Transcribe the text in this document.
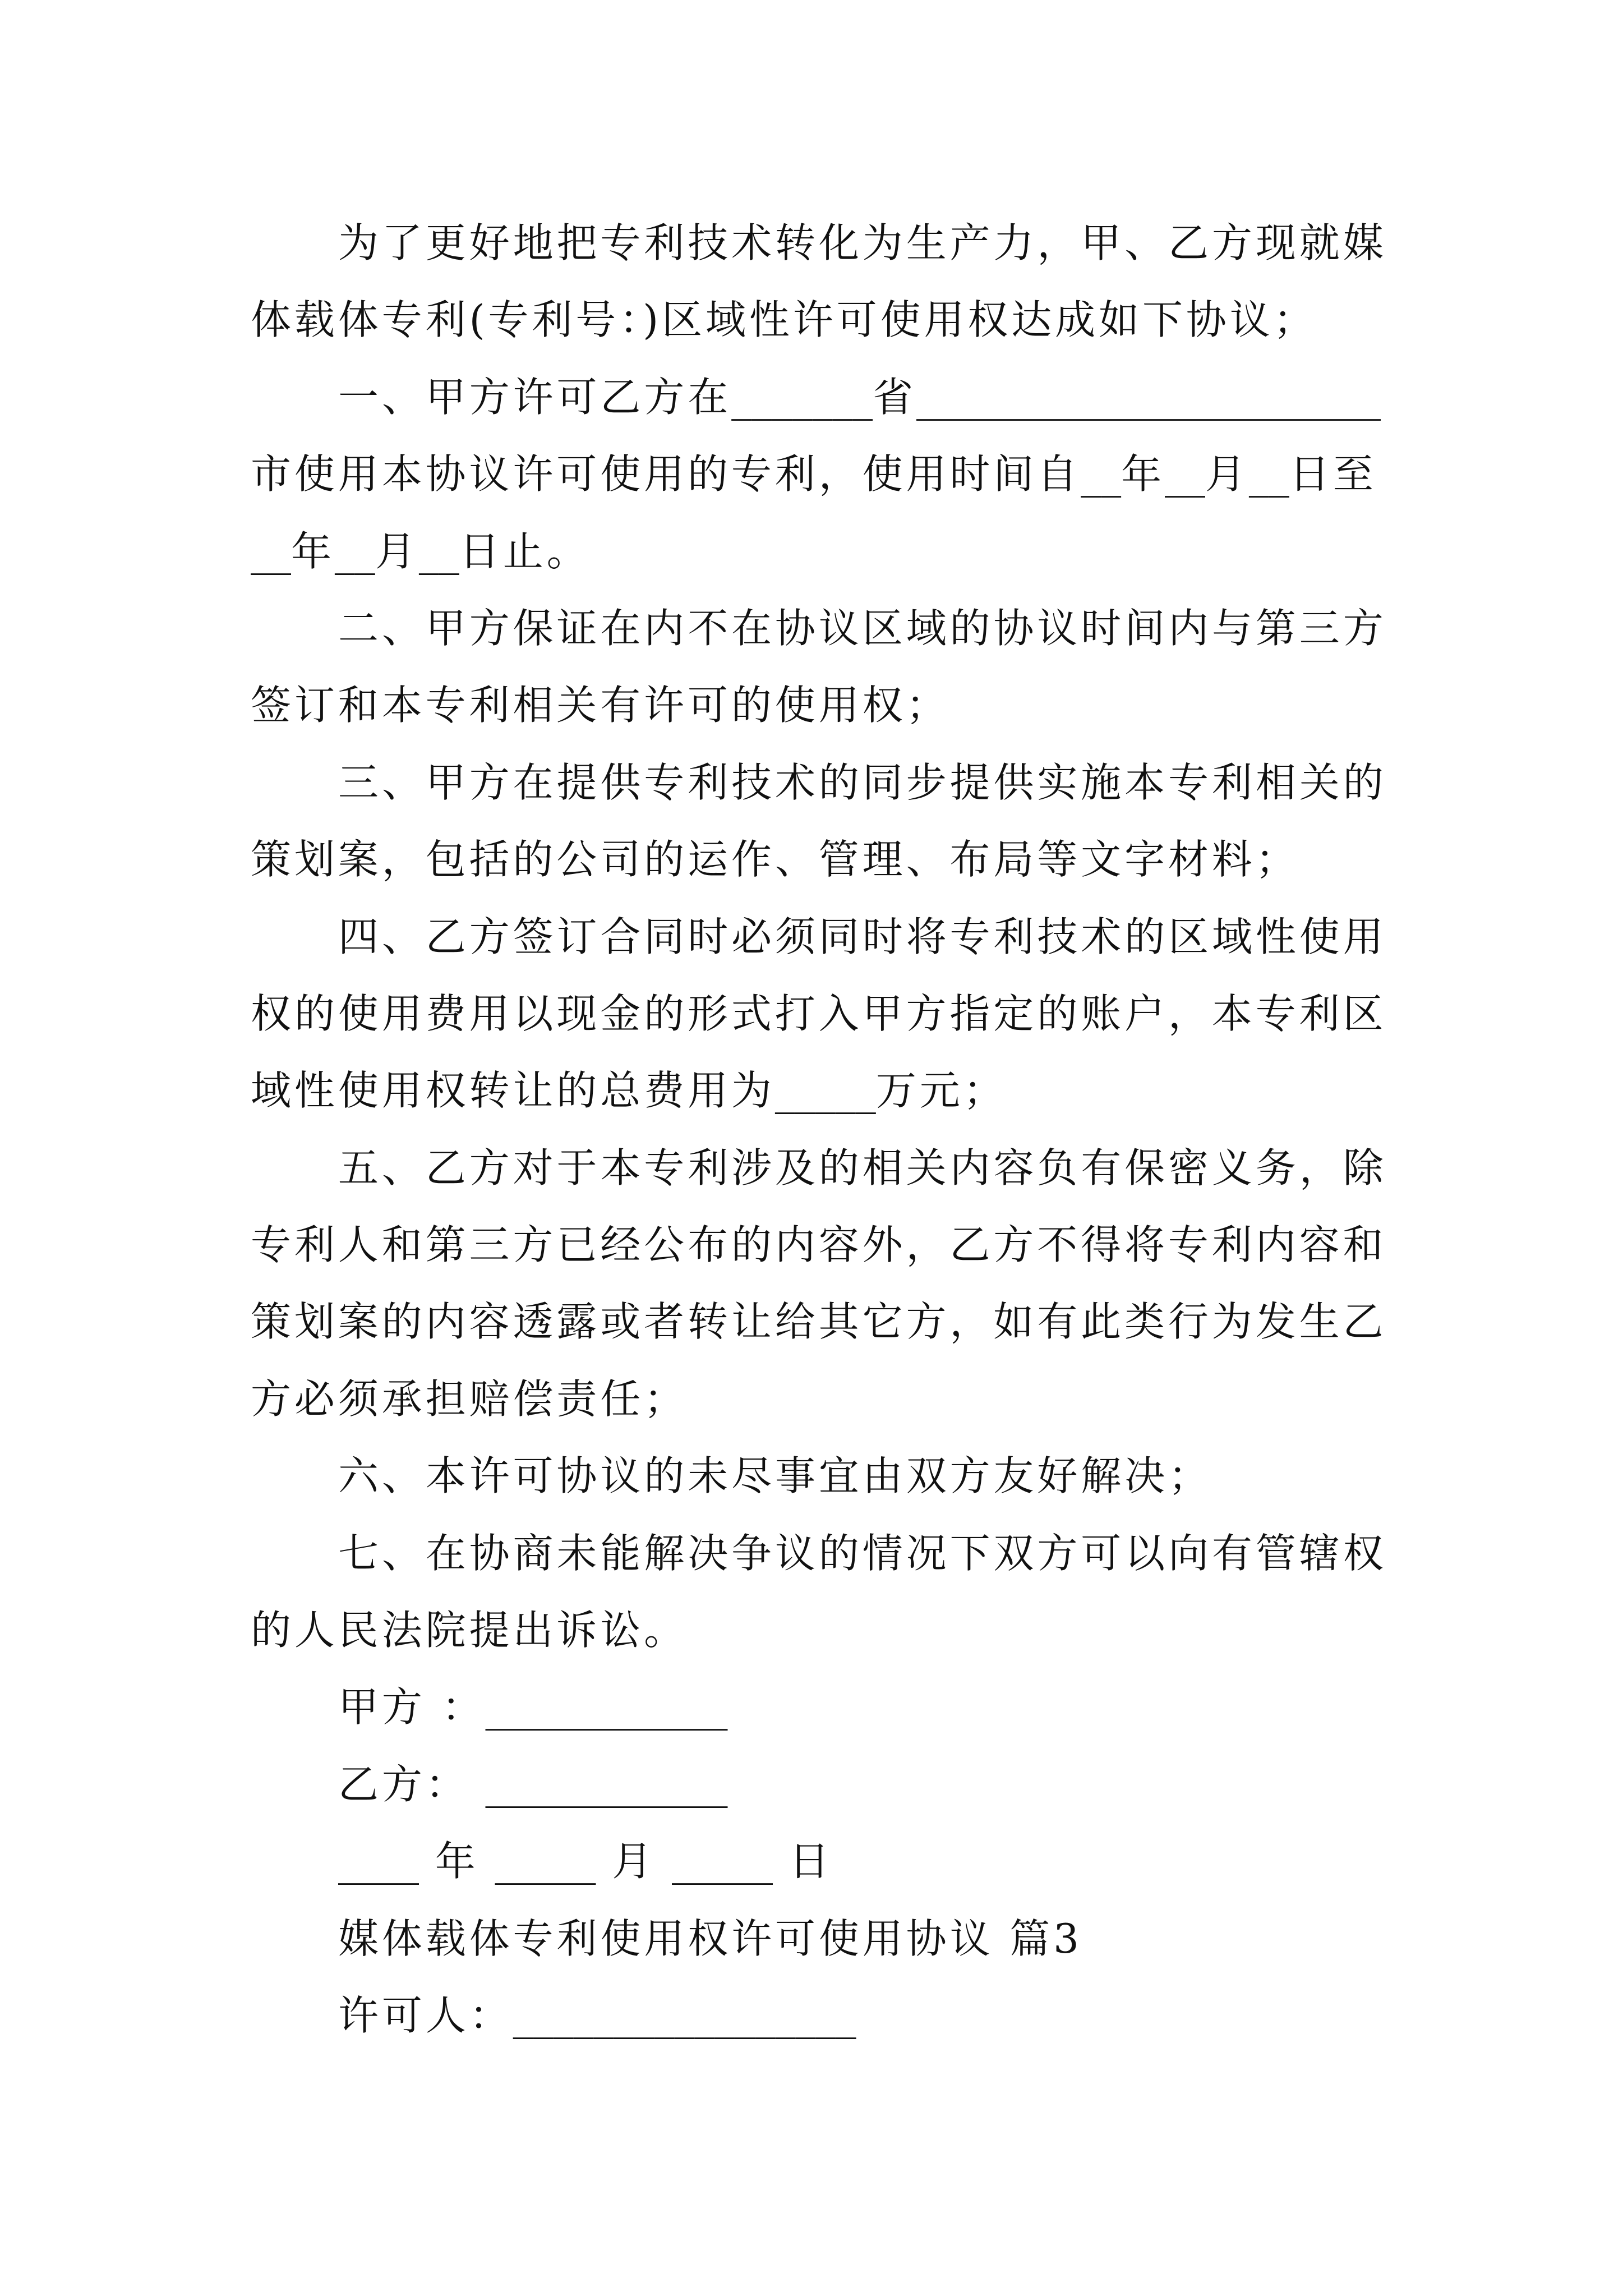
为了更好地把专利技术转化为生产力，甲、乙方现就媒
体载体专利(专利号：)区域性许可使用权达成如下协议；
一、甲方许可乙方在_______省_______________________
市使用本协议许可使用的专利，使用时间自__年__月__日至
__年__月__日止。
二、甲方保证在内不在协议区域的协议时间内与第三方
签订和本专利相关有许可的使用权；
三、甲方在提供专利技术的同步提供实施本专利相关的
策划案，包括的公司的运作、管理、布局等文字材料；
四、乙方签订合同时必须同时将专利技术的区域性使用
权的使用费用以现金的形式打入甲方指定的账户，本专利区
域性使用权转让的总费用为_____万元；
五、乙方对于本专利涉及的相关内容负有保密义务，除
专利人和第三方已经公布的内容外，乙方不得将专利内容和
策划案的内容透露或者转让给其它方，如有此类行为发生乙
方必须承担赔偿责任；
六、本许可协议的未尽事宜由双方友好解决；
七、在协商未能解决争议的情况下双方可以向有管辖权
的人民法院提出诉讼。
甲方 ：____________
乙方： ____________
____ 年 _____ 月 _____ 日
媒体载体专利使用权许可使用协议 篇3
许可人：_________________
